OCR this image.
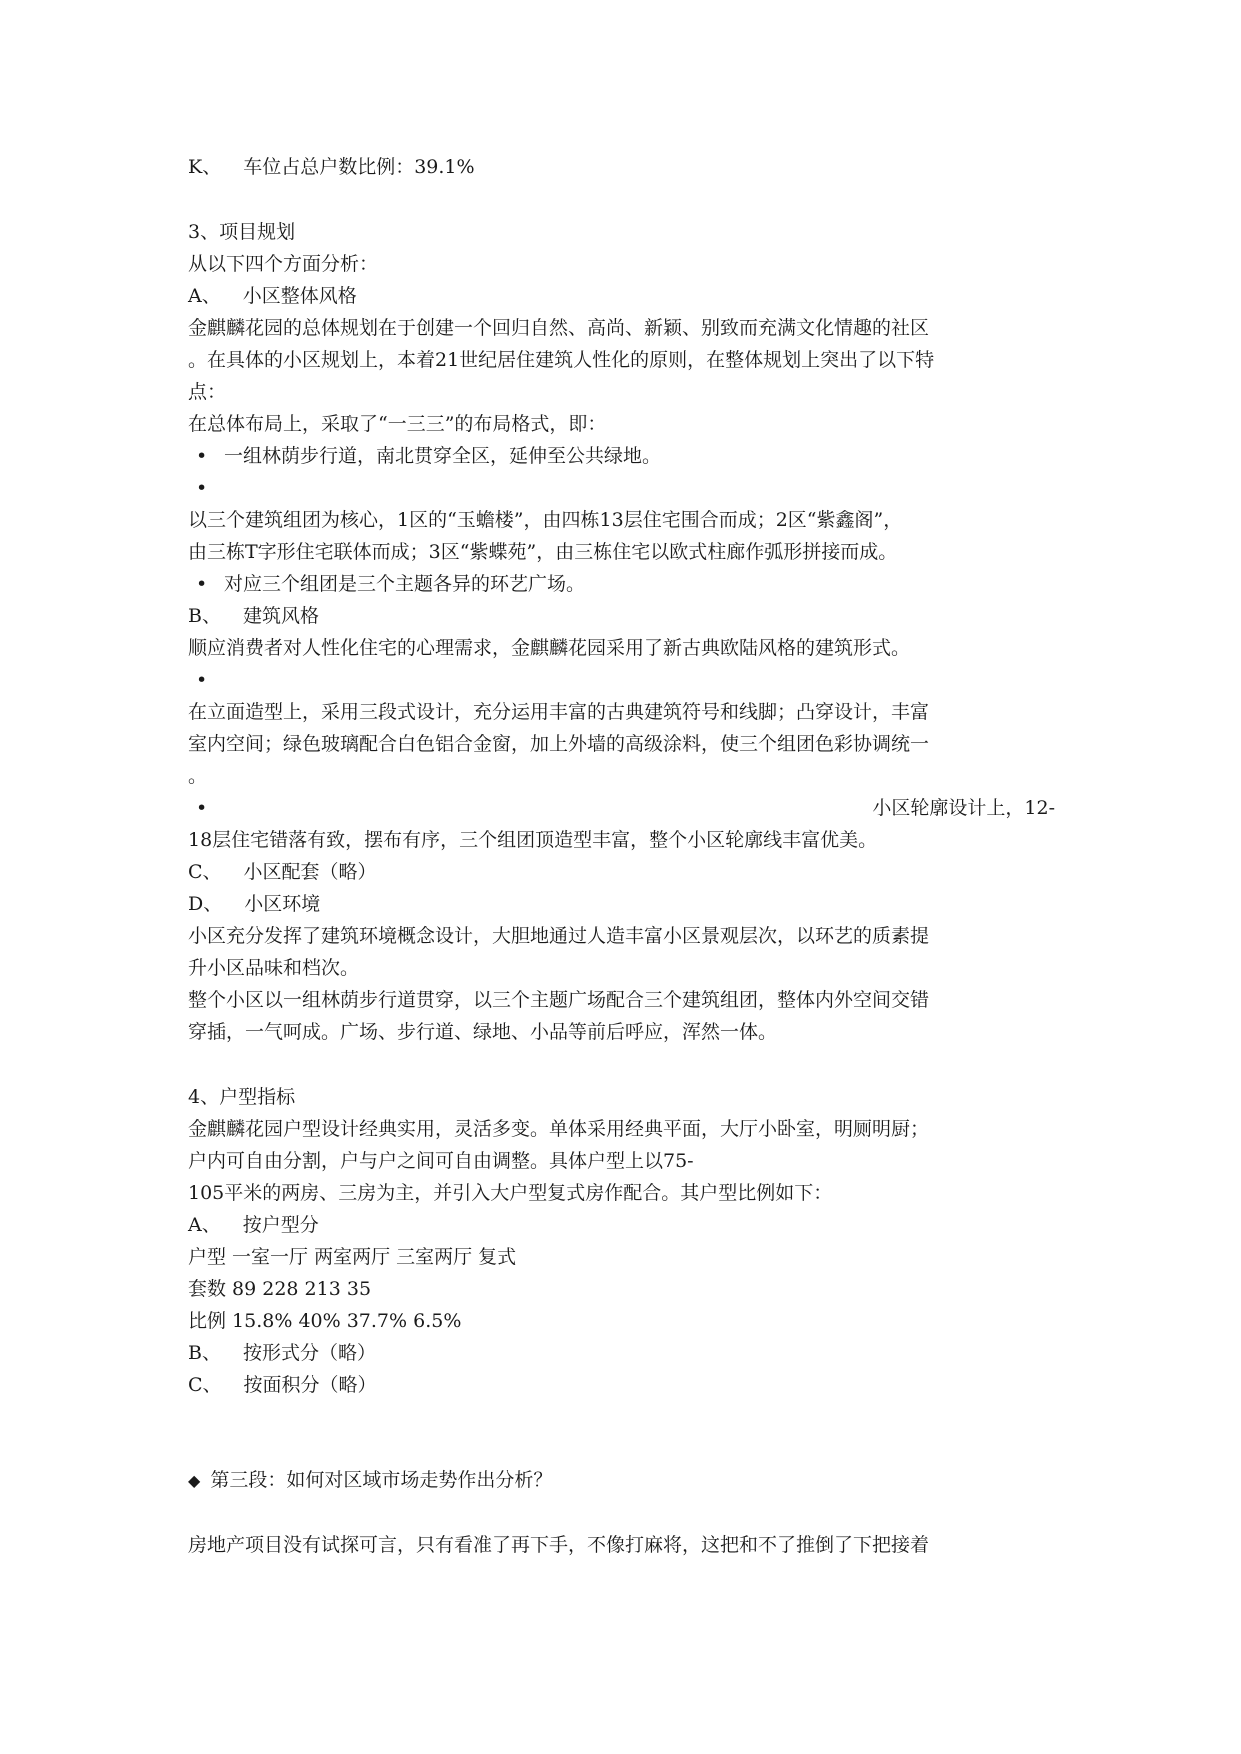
K、 车位占总户数比例：39.1%
3、项目规划
从以下四个方面分析：
A、 小区整体风格
金麒麟花园的总体规划在于创建一个回归自然、高尚、新颖、别致而充满文化情趣的社区
。在具体的小区规划上，本着21世纪居住建筑人性化的原则，在整体规划上突出了以下特
点：
在总体布局上，采取了“一三三”的布局格式，即：
• 一组林荫步行道，南北贯穿全区，延伸至公共绿地。
•
以三个建筑组团为核心，1区的“玉蟾楼”，由四栋13层住宅围合而成；2区“紫鑫阁”，
由三栋T字形住宅联体而成；3区“紫蝶苑”，由三栋住宅以欧式柱廊作弧形拼接而成。
• 对应三个组团是三个主题各异的环艺广场。
B、 建筑风格
顺应消费者对人性化住宅的心理需求，金麒麟花园采用了新古典欧陆风格的建筑形式。
•
在立面造型上，采用三段式设计，充分运用丰富的古典建筑符号和线脚；凸穿设计，丰富
室内空间；绿色玻璃配合白色铝合金窗，加上外墙的高级涂料，使三个组团色彩协调统一
。
•	小区轮廓设计上，12-
18层住宅错落有致，摆布有序，三个组团顶造型丰富，整个小区轮廓线丰富优美。
C、 小区配套（略）
D、 小区环境
小区充分发挥了建筑环境概念设计，大胆地通过人造丰富小区景观层次，以环艺的质素提
升小区品味和档次。
整个小区以一组林荫步行道贯穿，以三个主题广场配合三个建筑组团，整体内外空间交错
穿插，一气呵成。广场、步行道、绿地、小品等前后呼应，浑然一体。
4、户型指标
金麒麟花园户型设计经典实用，灵活多变。单体采用经典平面，大厅小卧室，明厕明厨；
户内可自由分割，户与户之间可自由调整。具体户型上以75-
105平米的两房、三房为主，并引入大户型复式房作配合。其户型比例如下：
A、 按户型分
户型 一室一厅 两室两厅 三室两厅 复式
套数 89 228 213 35
比例 15.8% 40% 37.7% 6.5%
B、 按形式分（略）
C、 按面积分（略）
◆ 第三段：如何对区域市场走势作出分析？
房地产项目没有试探可言，只有看准了再下手，不像打麻将，这把和不了推倒了下把接着
